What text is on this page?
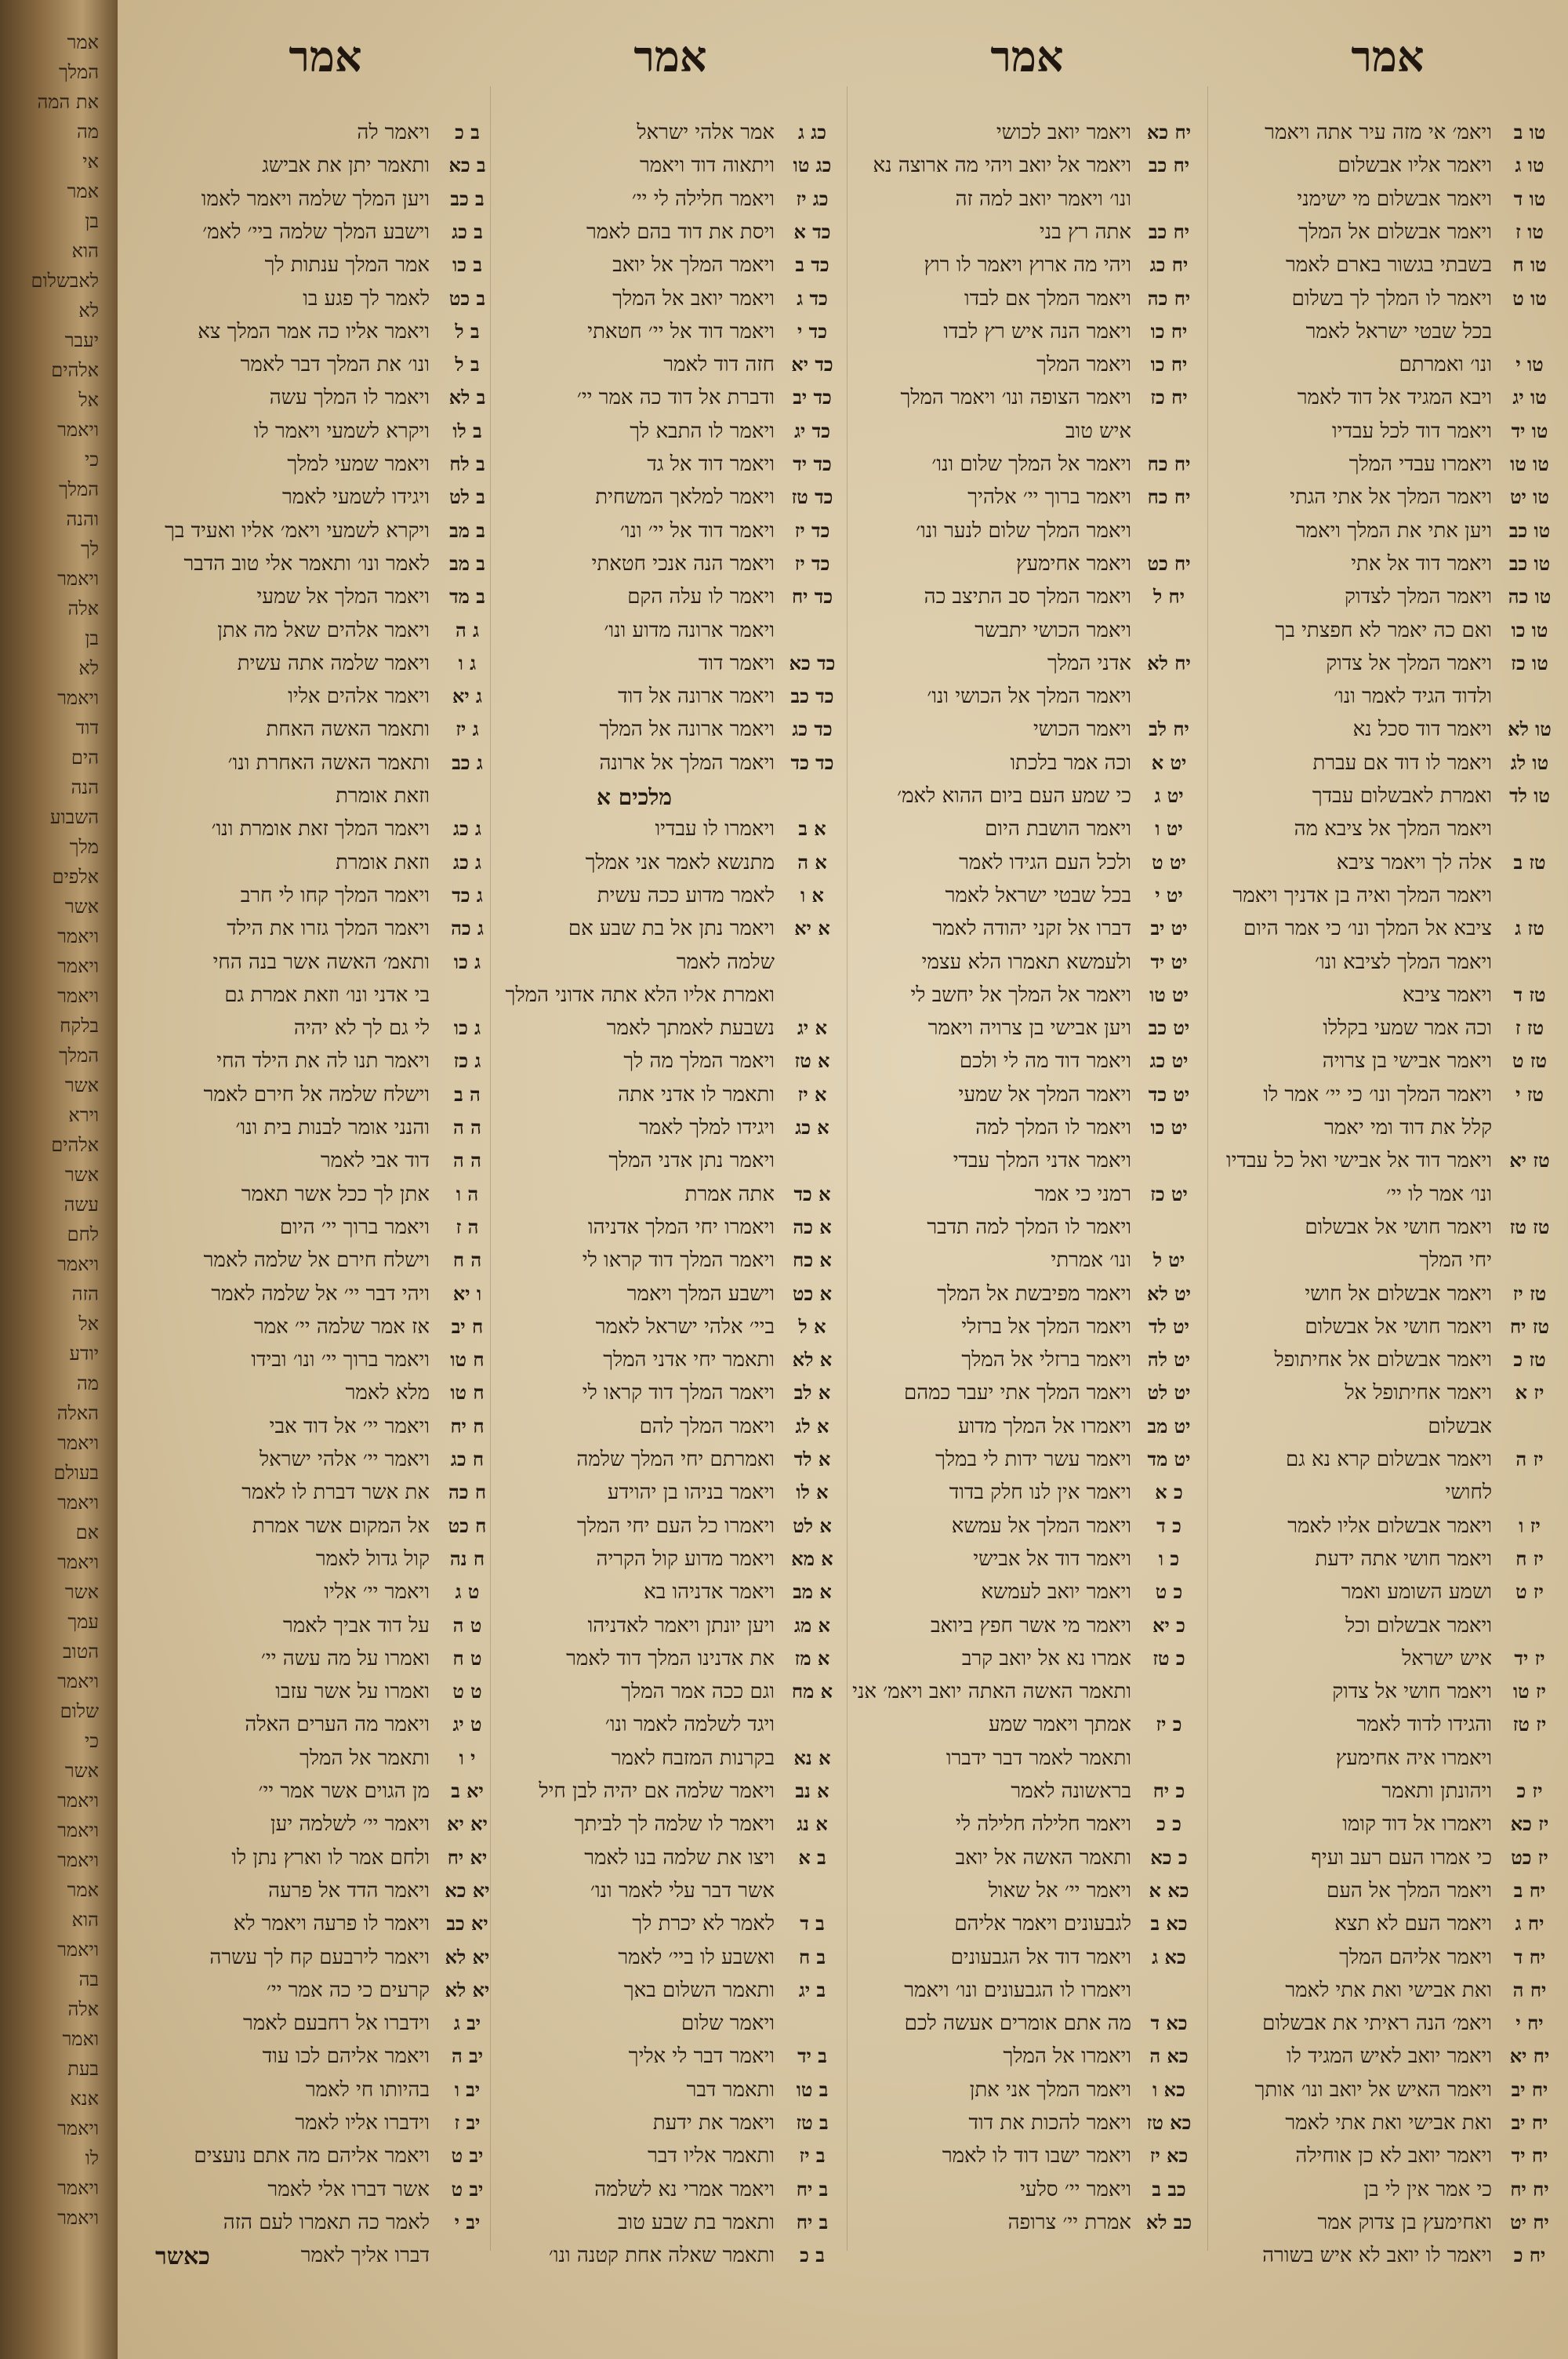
אמר
המלך
את המה
מה
אי
אמר
בן
הוא
לאבשלום
לא
יעבר
אלהים
אל
ויאמר
כי
המלך
והנה
לך
ויאמר
אלה
בן
לא
ויאמר
דוד
הים
הנה
השבוע
מלך
אלפים
אשר
ויאמר
ויאמר
ויאמר
בלקח
המלך
אשר
וירא
אלהים
אשר
עשה
לחם
ויאמר
הזה
אל
יודע
מה
האלה
ויאמר
בעולם
ויאמר
אם
ויאמר
אשר
עמך
הטוב
ויאמר
שלום
כי
אשר
ויאמר
ויאמר
ויאמר
אמר
הוא
ויאמר
בה
אלה
ואמר
בעת
אנא
ויאמר
לו
ויאמר
ויאמר
אמר
טו ב
ויאמ׳ אי מזה עיר אתה ויאמר
טו ג
ויאמר אליו אבשלום
טו ד
ויאמר אבשלום מי ישימני
טו ז
ויאמר אבשלום אל המלך
טו ח
בשבתי בגשור בארם לאמר
טו ט
ויאמר לו המלך לך בשלום
בכל שבטי ישראל לאמר
טו י
ונו׳ ואמרתם
טו יג
ויבא המגיד אל דוד לאמר
טו יד
ויאמר דוד לכל עבדיו
טו טו
ויאמרו עבדי המלך
טו יט
ויאמר המלך אל אתי הגתי
טו כב
ויען אתי את המלך ויאמר
טו כב
ויאמר דוד אל אתי
טו כה
ויאמר המלך לצדוק
טו כו
ואם כה יאמר לא חפצתי בך
טו כז
ויאמר המלך אל צדוק
ולדוד הגיד לאמר ונו׳
טו לא
ויאמר דוד סכל נא
טו לג
ויאמר לו דוד אם עברת
טו לד
ואמרת לאבשלום עבדך
ויאמר המלך אל ציבא מה
טז ב
אלה לך ויאמר ציבא
ויאמר המלך ואיה בן אדניך ויאמר
טז ג
ציבא אל המלך ונו׳ כי אמר היום
ויאמר המלך לציבא ונו׳
טז ד
ויאמר ציבא
טז ז
וכה אמר שמעי בקללו
טז ט
ויאמר אבישי בן צרויה
טז י
ויאמר המלך ונו׳ כי יי׳ אמר לו
קלל את דוד ומי יאמר
טז יא
ויאמר דוד אל אבישי ואל כל עבדיו
ונו׳ אמר לו יי׳
טז טז
ויאמר חושי אל אבשלום
יחי המלך
טז יז
ויאמר אבשלום אל חושי
טז יח
ויאמר חושי אל אבשלום
טז כ
ויאמר אבשלום אל אחיתופל
יז א
ויאמר אחיתופל אל
אבשלום
יז ה
ויאמר אבשלום קרא נא גם
לחושי
יז ו
ויאמר אבשלום אליו לאמר
יז ח
ויאמר חושי אתה ידעת
יז ט
ושמע השומע ואמר
ויאמר אבשלום וכל
יז יד
איש ישראל
יז טו
ויאמר חושי אל צדוק
יז טז
והגידו לדוד לאמר
ויאמרו איה אחימעץ
יז כ
ויהונתן ותאמר
יז כא
ויאמרו אל דוד קומו
יז כט
כי אמרו העם רעב ועיף
יח ב
ויאמר המלך אל העם
יח ג
ויאמר העם לא תצא
יח ד
ויאמר אליהם המלך
יח ה
ואת אבישי ואת אתי לאמר
יח י
ויאמ׳ הנה ראיתי את אבשלום
יח יא
ויאמר יואב לאיש המגיד לו
יח יב
ויאמר האיש אל יואב ונו׳ אותך
יח יב
ואת אבישי ואת אתי לאמר
יח יד
ויאמר יואב לא כן אוחילה
יח יח
כי אמר אין לי בן
יח יט
ואחימעץ בן צדוק אמר
יח כ
ויאמר לו יואב לא איש בשורה
אמר
יח כא
ויאמר יואב לכושי
יח כב
ויאמר אל יואב ויהי מה ארוצה נא
ונו׳ ויאמר יואב למה זה
יח כב
אתה רץ בני
יח כג
ויהי מה ארוץ ויאמר לו רוץ
יח כה
ויאמר המלך אם לבדו
יח כו
ויאמר הנה איש רץ לבדו
יח כו
ויאמר המלך
יח כז
ויאמר הצופה ונו׳ ויאמר המלך
איש טוב
יח כח
ויאמר אל המלך שלום ונו׳
יח כח
ויאמר ברוך יי׳ אלהיך
ויאמר המלך שלום לנער ונו׳
יח כט
ויאמר אחימעץ
יח ל
ויאמר המלך סב התיצב כה
ויאמר הכושי יתבשר
יח לא
אדני המלך
ויאמר המלך אל הכושי ונו׳
יח לב
ויאמר הכושי
יט א
וכה אמר בלכתו
יט ג
כי שמע העם ביום ההוא לאמ׳
יט ו
ויאמר הושבת היום
יט ט
ולכל העם הגידו לאמר
יט י
בכל שבטי ישראל לאמר
יט יב
דברו אל זקני יהודה לאמר
יט יד
ולעמשא תאמרו הלא עצמי
יט טו
ויאמר אל המלך אל יחשב לי
יט כב
ויען אבישי בן צרויה ויאמר
יט כג
ויאמר דוד מה לי ולכם
יט כד
ויאמר המלך אל שמעי
יט כו
ויאמר לו המלך למה
ויאמר אדני המלך עבדי
יט כז
רמני כי אמר
ויאמר לו המלך למה תדבר
יט ל
ונו׳ אמרתי
יט לא
ויאמר מפיבשת אל המלך
יט לד
ויאמר המלך אל ברזלי
יט לה
ויאמר ברזלי אל המלך
יט לט
ויאמר המלך אתי יעבר כמהם
יט מב
ויאמרו אל המלך מדוע
יט מד
ויאמר עשר ידות לי במלך
כ א
ויאמר אין לנו חלק בדוד
כ ד
ויאמר המלך אל עמשא
כ ו
ויאמר דוד אל אבישי
כ ט
ויאמר יואב לעמשא
כ יא
ויאמר מי אשר חפץ ביואב
כ טז
אמרו נא אל יואב קרב
ותאמר האשה האתה יואב ויאמ׳ אני
כ יז
אמתך ויאמר שמע
ותאמר לאמר דבר ידברו
כ יח
בראשונה לאמר
כ כ
ויאמר חלילה חלילה לי
כ כא
ותאמר האשה אל יואב
כא א
ויאמר יי׳ אל שאול
כא ב
לגבעונים ויאמר אליהם
כא ג
ויאמר דוד אל הגבעונים
ויאמרו לו הגבעונים ונו׳ ויאמר
כא ד
מה אתם אומרים אעשה לכם
כא ה
ויאמרו אל המלך
כא ו
ויאמר המלך אני אתן
כא טז
ויאמר להכות את דוד
כא יז
ויאמר ישבו דוד לו לאמר
כב ב
ויאמר יי׳ סלעי
כב לא
אמרת יי׳ צרופה
אמר
כג ג
אמר אלהי ישראל
כג טו
ויתאוה דוד ויאמר
כג יז
ויאמר חלילה לי יי׳
כד א
ויסת את דוד בהם לאמר
כד ב
ויאמר המלך אל יואב
כד ג
ויאמר יואב אל המלך
כד י
ויאמר דוד אל יי׳ חטאתי
כד יא
חזה דוד לאמר
כד יב
ודברת אל דוד כה אמר יי׳
כד יג
ויאמר לו התבא לך
כד יד
ויאמר דוד אל גד
כד טז
ויאמר למלאך המשחית
כד יז
ויאמר דוד אל יי׳ ונו׳
כד יז
ויאמר הנה אנכי חטאתי
כד יח
ויאמר לו עלה הקם
ויאמר ארונה מדוע ונו׳
כד כא
ויאמר דוד
כד כב
ויאמר ארונה אל דוד
כד כג
ויאמר ארונה אל המלך
כד כד
ויאמר המלך אל ארונה
מלכים א
א ב
ויאמרו לו עבדיו
א ה
מתנשא לאמר אני אמלך
א ו
לאמר מדוע ככה עשית
א יא
ויאמר נתן אל בת שבע אם
שלמה לאמר
ואמרת אליו הלא אתה אדוני המלך
א יג
נשבעת לאמתך לאמר
א טז
ויאמר המלך מה לך
א יז
ותאמר לו אדני אתה
א כג
ויגידו למלך לאמר
ויאמר נתן אדני המלך
א כד
אתה אמרת
א כה
ויאמרו יחי המלך אדניהו
א כח
ויאמר המלך דוד קראו לי
א כט
וישבע המלך ויאמר
א ל
ביי׳ אלהי ישראל לאמר
א לא
ותאמר יחי אדני המלך
א לב
ויאמר המלך דוד קראו לי
א לג
ויאמר המלך להם
א לד
ואמרתם יחי המלך שלמה
א לו
ויאמר בניהו בן יהוידע
א לט
ויאמרו כל העם יחי המלך
א מא
ויאמר מדוע קול הקריה
א מב
ויאמר אדניהו בא
א מג
ויען יונתן ויאמר לאדניהו
א מז
את אדנינו המלך דוד לאמר
א מח
וגם ככה אמר המלך
ויגד לשלמה לאמר ונו׳
א נא
בקרנות המזבח לאמר
א נב
ויאמר שלמה אם יהיה לבן חיל
א נג
ויאמר לו שלמה לך לביתך
ב א
ויצו את שלמה בנו לאמר
אשר דבר עלי לאמר ונו׳
ב ד
לאמר לא יכרת לך
ב ח
ואשבע לו ביי׳ לאמר
ב יג
ותאמר השלום באך
ויאמר שלום
ב יד
ויאמר דבר לי אליך
ב טו
ותאמר דבר
ב טז
ויאמר את ידעת
ב יז
ותאמר אליו דבר
ב יח
ויאמר אמרי נא לשלמה
ב יח
ותאמר בת שבע טוב
ב כ
ותאמר שאלה אחת קטנה ונו׳
אמר
ב כ
ויאמר לה
ב כא
ותאמר יתן את אבישג
ב כב
ויען המלך שלמה ויאמר לאמו
ב כג
וישבע המלך שלמה ביי׳ לאמ׳
ב כו
אמר המלך ענתות לך
ב כט
לאמר לך פגע בו
ב ל
ויאמר אליו כה אמר המלך צא
ב ל
ונו׳ את המלך דבר לאמר
ב לא
ויאמר לו המלך עשה
ב לו
ויקרא לשמעי ויאמר לו
ב לח
ויאמר שמעי למלך
ב לט
ויגידו לשמעי לאמר
ב מב
ויקרא לשמעי ויאמ׳ אליו ואעיד בך
ב מב
לאמר ונו׳ ותאמר אלי טוב הדבר
ב מד
ויאמר המלך אל שמעי
ג ה
ויאמר אלהים שאל מה אתן
ג ו
ויאמר שלמה אתה עשית
ג יא
ויאמר אלהים אליו
ג יז
ותאמר האשה האחת
ג כב
ותאמר האשה האחרת ונו׳
וזאת אומרת
ג כג
ויאמר המלך זאת אומרת ונו׳
ג כג
וזאת אומרת
ג כד
ויאמר המלך קחו לי חרב
ג כה
ויאמר המלך גזרו את הילד
ג כו
ותאמ׳ האשה אשר בנה החי
בי אדני ונו׳ וזאת אמרת גם
ג כו
לי גם לך לא יהיה
ג כז
ויאמר תנו לה את הילד החי
ה ב
וישלח שלמה אל חירם לאמר
ה ה
והנני אומר לבנות בית ונו׳
ה ה
דוד אבי לאמר
ה ו
אתן לך ככל אשר תאמר
ה ז
ויאמר ברוך יי׳ היום
ה ח
וישלח חירם אל שלמה לאמר
ו יא
ויהי דבר יי׳ אל שלמה לאמר
ח יב
אז אמר שלמה יי׳ אמר
ח טו
ויאמר ברוך יי׳ ונו׳ ובידו
ח טו
מלא לאמר
ח יח
ויאמר יי׳ אל דוד אבי
ח כג
ויאמר יי׳ אלהי ישראל
ח כה
את אשר דברת לו לאמר
ח כט
אל המקום אשר אמרת
ח נה
קול גדול לאמר
ט ג
ויאמר יי׳ אליו
ט ה
על דוד אביך לאמר
ט ח
ואמרו על מה עשה יי׳
ט ט
ואמרו על אשר עזבו
ט יג
ויאמר מה הערים האלה
י ו
ותאמר אל המלך
יא ב
מן הגוים אשר אמר יי׳
יא יא
ויאמר יי׳ לשלמה יען
יא יח
ולחם אמר לו וארץ נתן לו
יא כא
ויאמר הדד אל פרעה
יא כב
ויאמר לו פרעה ויאמר לא
יא לא
ויאמר לירבעם קח לך עשרה
יא לא
קרעים כי כה אמר יי׳
יב ג
וידברו אל רחבעם לאמר
יב ה
ויאמר אליהם לכו עוד
יב ו
בהיותו חי לאמר
יב ז
וידברו אליו לאמר
יב ט
ויאמר אליהם מה אתם נועצים
יב ט
אשר דברו אלי לאמר
יב י
לאמר כה תאמרו לעם הזה
דברו אליך לאמר
כאשר
